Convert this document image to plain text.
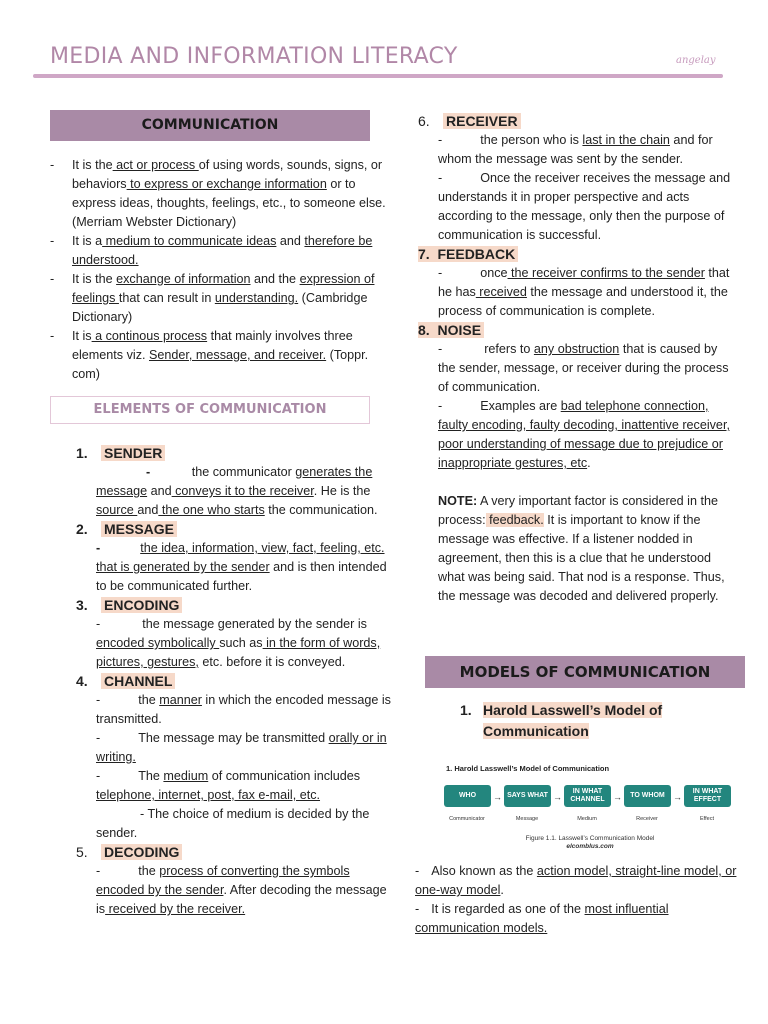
MEDIA AND INFORMATION LITERACY	angelay
COMMUNICATION
- It is the act or process of using words, sounds, signs, or behaviors to express or exchange information or to express ideas, thoughts, feelings, etc., to someone else. (Merriam Webster Dictionary)
- It is a medium to communicate ideas and therefore be understood.
- It is the exchange of information and the expression of feelings that can result in understanding. (Cambridge Dictionary)
- It is a continous process that mainly involves three elements viz. Sender, message, and receiver. (Toppr. com)
ELEMENTS OF COMMUNICATION
1. SENDER
-	the communicator generates the message and conveys it to the receiver. He is the source and the one who starts the communication.
2. MESSAGE
-	the idea, information, view, fact, feeling, etc. that is generated by the sender and is then intended to be communicated further.
3. ENCODING
-	the message generated by the sender is encoded symbolically such as in the form of words, pictures, gestures, etc. before it is conveyed.
4. CHANNEL
-	the manner in which the encoded message is transmitted.
-	The message may be transmitted orally or in writing.
-	The medium of communication includes telephone, internet, post, fax e-mail, etc.
- The choice of medium is decided by the sender.
5. DECODING
-	the process of converting the symbols encoded by the sender. After decoding the message is received by the receiver.
6. RECEIVER
-	the person who is last in the chain and for whom the message was sent by the sender.
-	Once the receiver receives the message and understands it in proper perspective and acts according to the message, only then the purpose of communication is successful.
7. FEEDBACK
-	once the receiver confirms to the sender that he has received the message and understood it, the process of communication is complete.
8. NOISE
-	refers to any obstruction that is caused by the sender, message, or receiver during the process of communication.
-	Examples are bad telephone connection, faulty encoding, faulty decoding, inattentive receiver, poor understanding of message due to prejudice or inappropriate gestures, etc.
NOTE: A very important factor is considered in the process: feedback. It is important to know if the message was effective. If a listener nodded in agreement, then this is a clue that he understood what was being said. That nod is a response. Thus, the message was decoded and delivered properly.
MODELS OF COMMUNICATION
1. Harold Lasswell’s Model of Communication
1. Harold Lasswell’s Model of Communication
WHO → SAYS WHAT →
IN WHAT CHANNEL → TO WHOM →
IN WHAT EFFECT
Communicator	Message	Medium	Receiver	Effect
Figure 1.1. Lasswell’s Communication Model
elcomblus.com
- Also known as the action model, straight-line model, or one-way model.
- It is regarded as one of the most influential communication models.
